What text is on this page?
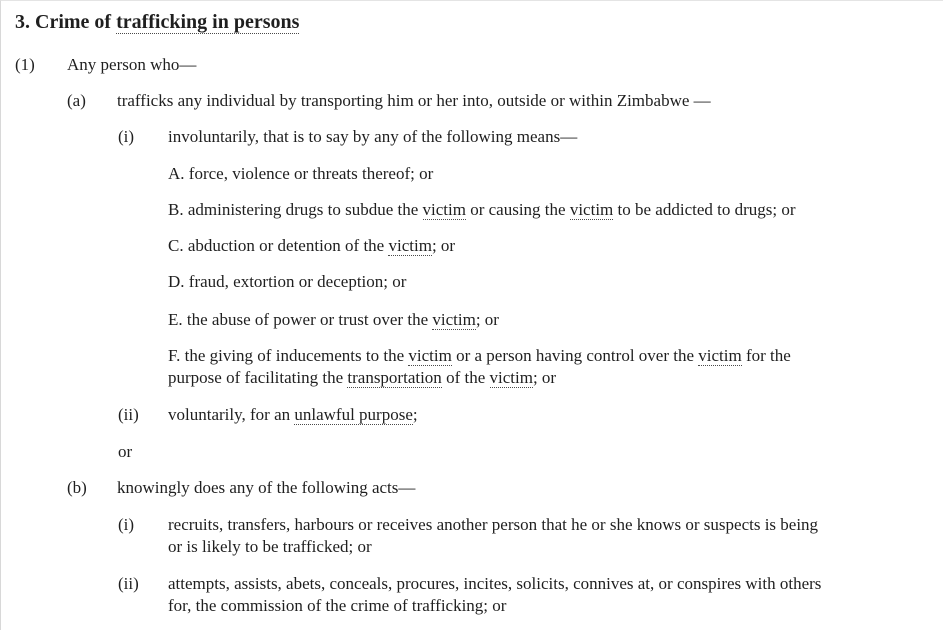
3. Crime of trafficking in persons
(1) Any person who—
(a) trafficks any individual by transporting him or her into, outside or within Zimbabwe —
(i) involuntarily, that is to say by any of the following means—
A. force, violence or threats thereof; or
B. administering drugs to subdue the victim or causing the victim to be addicted to drugs; or
C. abduction or detention of the victim; or
D. fraud, extortion or deception; or
E. the abuse of power or trust over the victim; or
F. the giving of inducements to the victim or a person having control over the victim for the
purpose of facilitating the transportation of the victim; or
(ii) voluntarily, for an unlawful purpose;
or
(b) knowingly does any of the following acts—
(i) recruits, transfers, harbours or receives another person that he or she knows or suspects is being
or is likely to be trafficked; or
(ii) attempts, assists, abets, conceals, procures, incites, solicits, connives at, or conspires with others
for, the commission of the crime of trafficking; or
